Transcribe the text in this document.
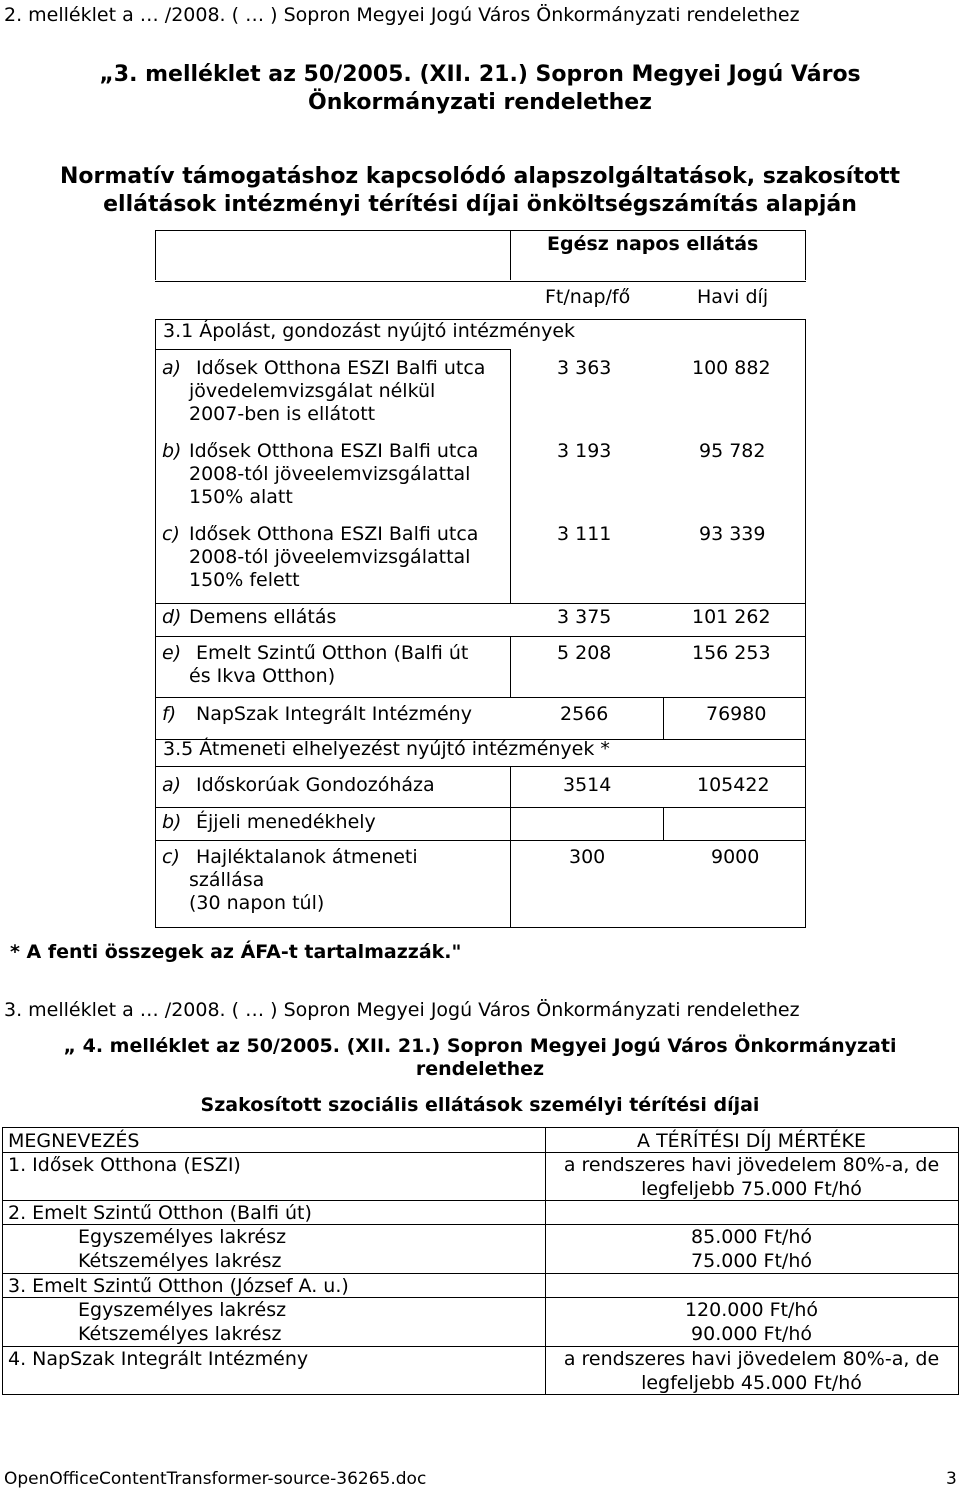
2. melléklet a … /2008. ( … ) Sopron Megyei Jogú Város Önkormányzati rendelethez
„3. melléklet az 50/2005. (XII. 21.) Sopron Megyei Jogú Város
Önkormányzati rendelethez
Normatív támogatáshoz kapcsolódó alapszolgáltatások, szakosított
ellátások intézményi térítési díjai önköltségszámítás alapján
Egész napos ellátás
Ft/nap/fő	Havi díj
3.1 Ápolást, gondozást nyújtó intézmények
a) Idősek Otthona ESZI Balfi utca
jövedelemvizsgálat nélkül
2007-ben is ellátott
3 363	100 882
b) Idősek Otthona ESZI Balfi utca
2008-tól jöveelemvizsgálattal
150% alatt
3 193	95 782
c) Idősek Otthona ESZI Balfi utca
2008-tól jöveelemvizsgálattal
150% felett
3 111	93 339
d) Demens ellátás	3 375	101 262
e) Emelt Szintű Otthon (Balfi út
és Ikva Otthon)
5 208	156 253
f) NapSzak Integrált Intézmény	2566	76980
3.5 Átmeneti elhelyezést nyújtó intézmények *
a) Időskorúak Gondozóháza	3514	105422
b) Éjjeli menedékhely
c) Hajléktalanok átmeneti
szállása
(30 napon túl)
300	9000
* A fenti összegek az ÁFA-t tartalmazzák."
3. melléklet a … /2008. ( … ) Sopron Megyei Jogú Város Önkormányzati rendelethez
„ 4. melléklet az 50/2005. (XII. 21.) Sopron Megyei Jogú Város Önkormányzati
rendelethez
Szakosított szociális ellátások személyi térítési díjai
MEGNEVEZÉS	A TÉRÍTÉSI DÍJ MÉRTÉKE
1. Idősek Otthona (ESZI)	a rendszeres havi jövedelem 80%-a, de
legfeljebb 75.000 Ft/hó
2. Emelt Szintű Otthon (Balfi út)
Egyszemélyes lakrész	85.000 Ft/hó
Kétszemélyes lakrész	75.000 Ft/hó
3. Emelt Szintű Otthon (József A. u.)
Egyszemélyes lakrész	120.000 Ft/hó
Kétszemélyes lakrész	90.000 Ft/hó
4. NapSzak Integrált Intézmény	a rendszeres havi jövedelem 80%-a, de
legfeljebb 45.000 Ft/hó
OpenOfficeContentTransformer-source-36265.doc	3
